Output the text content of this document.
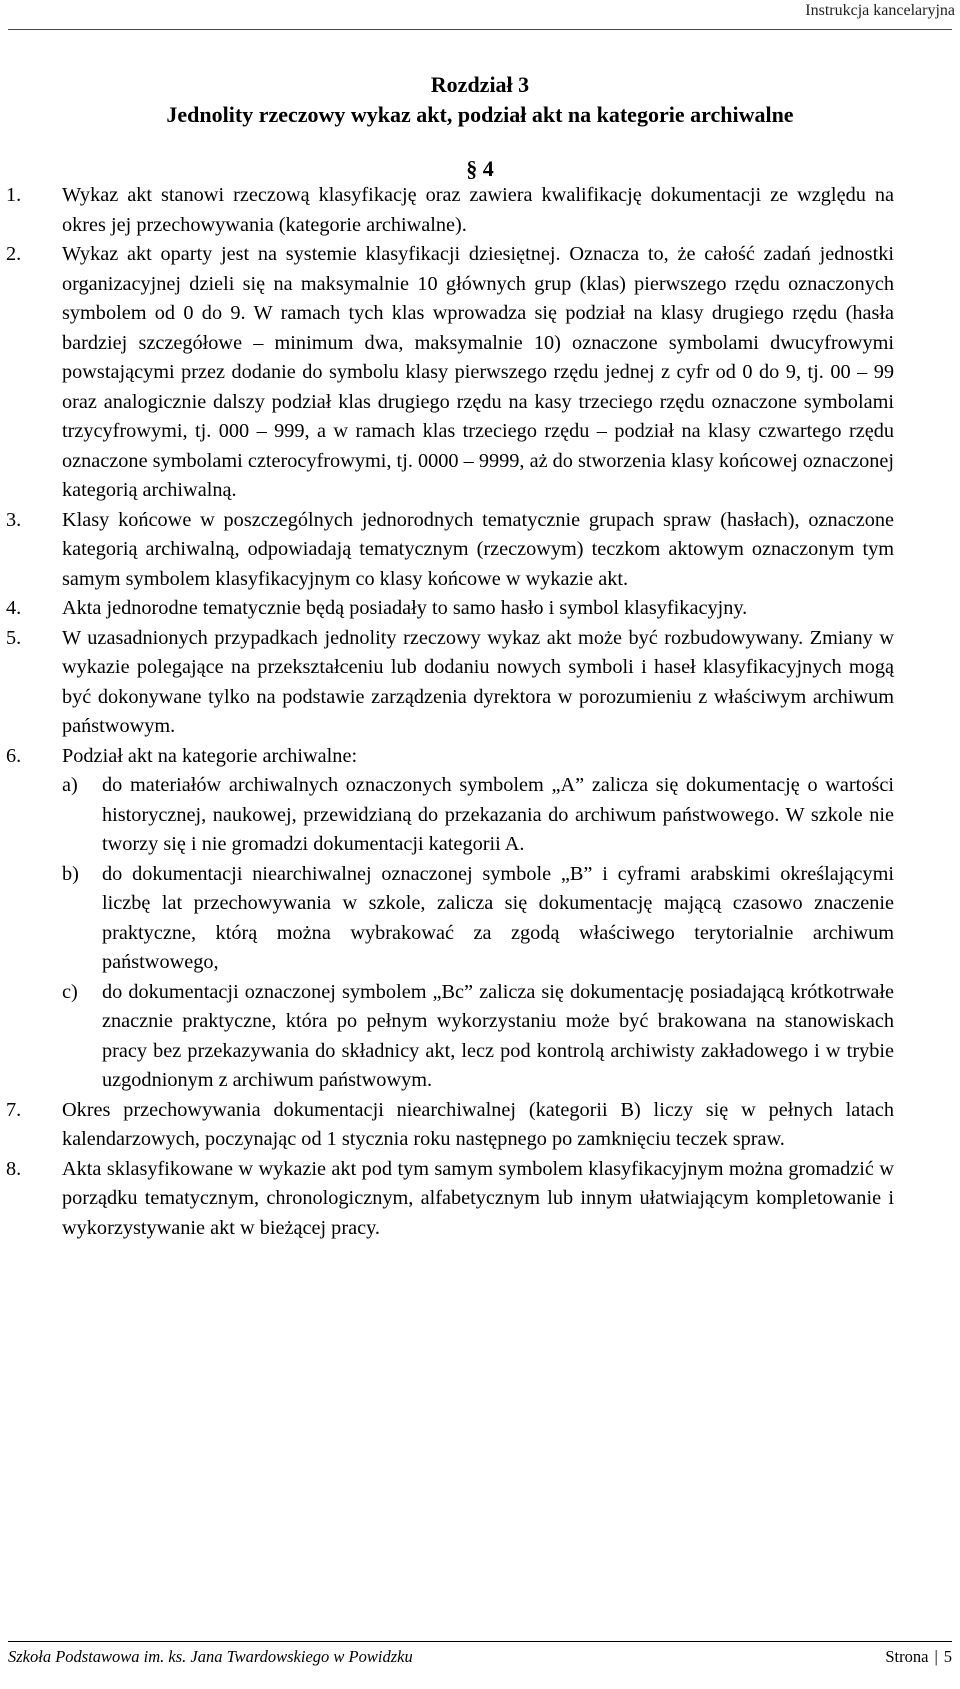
Instrukcja kancelaryjna
Rozdział 3
Jednolity rzeczowy wykaz akt, podział akt na kategorie archiwalne
§ 4
1.	Wykaz akt stanowi rzeczową klasyfikację oraz zawiera kwalifikację dokumentacji ze względu na okres jej przechowywania (kategorie archiwalne).
2.	Wykaz akt oparty jest na systemie klasyfikacji dziesiętnej. Oznacza to, że całość zadań jednostki organizacyjnej dzieli się na maksymalnie 10 głównych grup (klas) pierwszego rzędu oznaczonych symbolem od 0 do 9. W ramach tych klas wprowadza się podział na klasy drugiego rzędu (hasła bardziej szczegółowe – minimum dwa, maksymalnie 10) oznaczone symbolami dwucyfrowymi powstającymi przez dodanie do symbolu klasy pierwszego rzędu jednej z cyfr od 0 do 9, tj. 00 – 99 oraz analogicznie dalszy podział klas drugiego rzędu na kasy trzeciego rzędu oznaczone symbolami trzycyfrowymi, tj. 000 – 999, a w ramach klas trzeciego rzędu – podział na klasy czwartego rzędu oznaczone symbolami czterocyfrowymi, tj. 0000 – 9999, aż do stworzenia klasy końcowej oznaczonej kategorią archiwalną.
3.	Klasy końcowe w poszczególnych jednorodnych tematycznie grupach spraw (hasłach), oznaczone kategorią archiwalną, odpowiadają tematycznym (rzeczowym) teczkom aktowym oznaczonym tym samym symbolem klasyfikacyjnym co klasy końcowe w wykazie akt.
4.	Akta jednorodne tematycznie będą posiadały to samo hasło i symbol klasyfikacyjny.
5.	W uzasadnionych przypadkach jednolity rzeczowy wykaz akt może być rozbudowywany. Zmiany w wykazie polegające na przekształceniu lub dodaniu nowych symboli i haseł klasyfikacyjnych mogą być dokonywane tylko na podstawie zarządzenia dyrektora w porozumieniu z właściwym archiwum państwowym.
6.	Podział akt na kategorie archiwalne:
a)	do materiałów archiwalnych oznaczonych symbolem „A” zalicza się dokumentację o wartości historycznej, naukowej, przewidzianą do przekazania do archiwum państwowego. W szkole nie tworzy się i nie gromadzi dokumentacji kategorii A.
b)	do dokumentacji niearchiwalnej oznaczonej symbole „B” i cyframi arabskimi określającymi liczbę lat przechowywania w szkole, zalicza się dokumentację mającą czasowo znaczenie praktyczne, którą można wybrakować za zgodą właściwego terytorialnie archiwum państwowego,
c)	do dokumentacji oznaczonej symbolem „Bc” zalicza się dokumentację posiadającą krótkotrwałe znacznie praktyczne, która po pełnym wykorzystaniu może być brakowana na stanowiskach pracy bez przekazywania do składnicy akt, lecz pod kontrolą archiwisty zakładowego i w trybie uzgodnionym z archiwum państwowym.
7.	Okres przechowywania dokumentacji niearchiwalnej (kategorii B) liczy się w pełnych latach kalendarzowych, poczynając od 1 stycznia roku następnego po zamknięciu teczek spraw.
8.	Akta sklasyfikowane w wykazie akt pod tym samym symbolem klasyfikacyjnym można gromadzić w porządku tematycznym, chronologicznym, alfabetycznym lub innym ułatwiającym kompletowanie i wykorzystywanie akt w bieżącej pracy.
Szkoła Podstawowa im. ks. Jana Twardowskiego w Powidzku	Strona | 5
